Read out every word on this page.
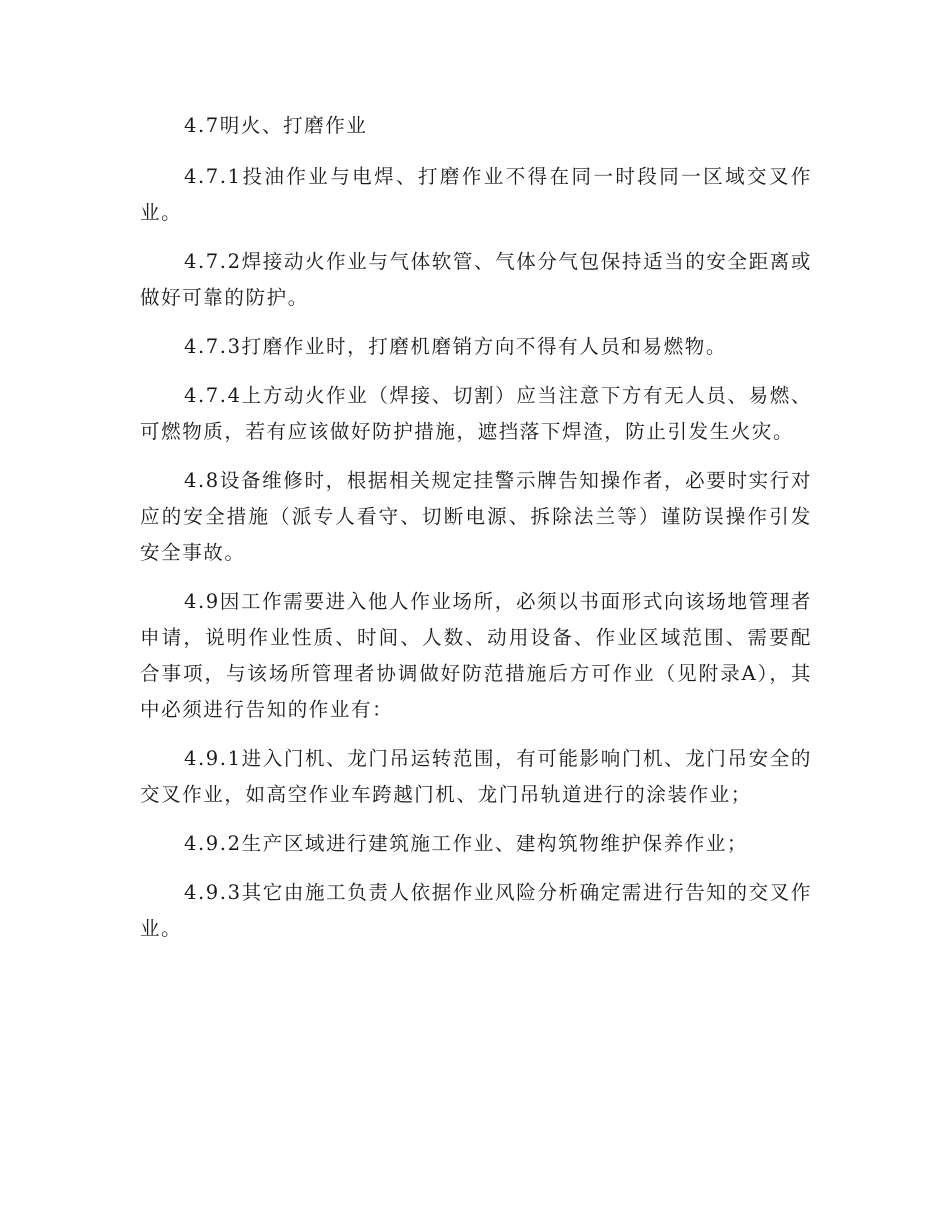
4.7明火、打磨作业

4.7.1投油作业与电焊、打磨作业不得在同一时段同一区域交叉作业。

4.7.2焊接动火作业与气体软管、气体分气包保持适当的安全距离或做好可靠的防护。

4.7.3打磨作业时，打磨机磨销方向不得有人员和易燃物。

4.7.4上方动火作业（焊接、切割）应当注意下方有无人员、易燃、可燃物质，若有应该做好防护措施，遮挡落下焊渣，防止引发生火灾。

4.8设备维修时，根据相关规定挂警示牌告知操作者，必要时实行对应的安全措施（派专人看守、切断电源、拆除法兰等）谨防误操作引发安全事故。

4.9因工作需要进入他人作业场所，必须以书面形式向该场地管理者申请，说明作业性质、时间、人数、动用设备、作业区域范围、需要配合事项，与该场所管理者协调做好防范措施后方可作业（见附录A），其中必须进行告知的作业有：

4.9.1进入门机、龙门吊运转范围，有可能影响门机、龙门吊安全的交叉作业，如高空作业车跨越门机、龙门吊轨道进行的涂装作业；

4.9.2生产区域进行建筑施工作业、建构筑物维护保养作业；

4.9.3其它由施工负责人依据作业风险分析确定需进行告知的交叉作业。
